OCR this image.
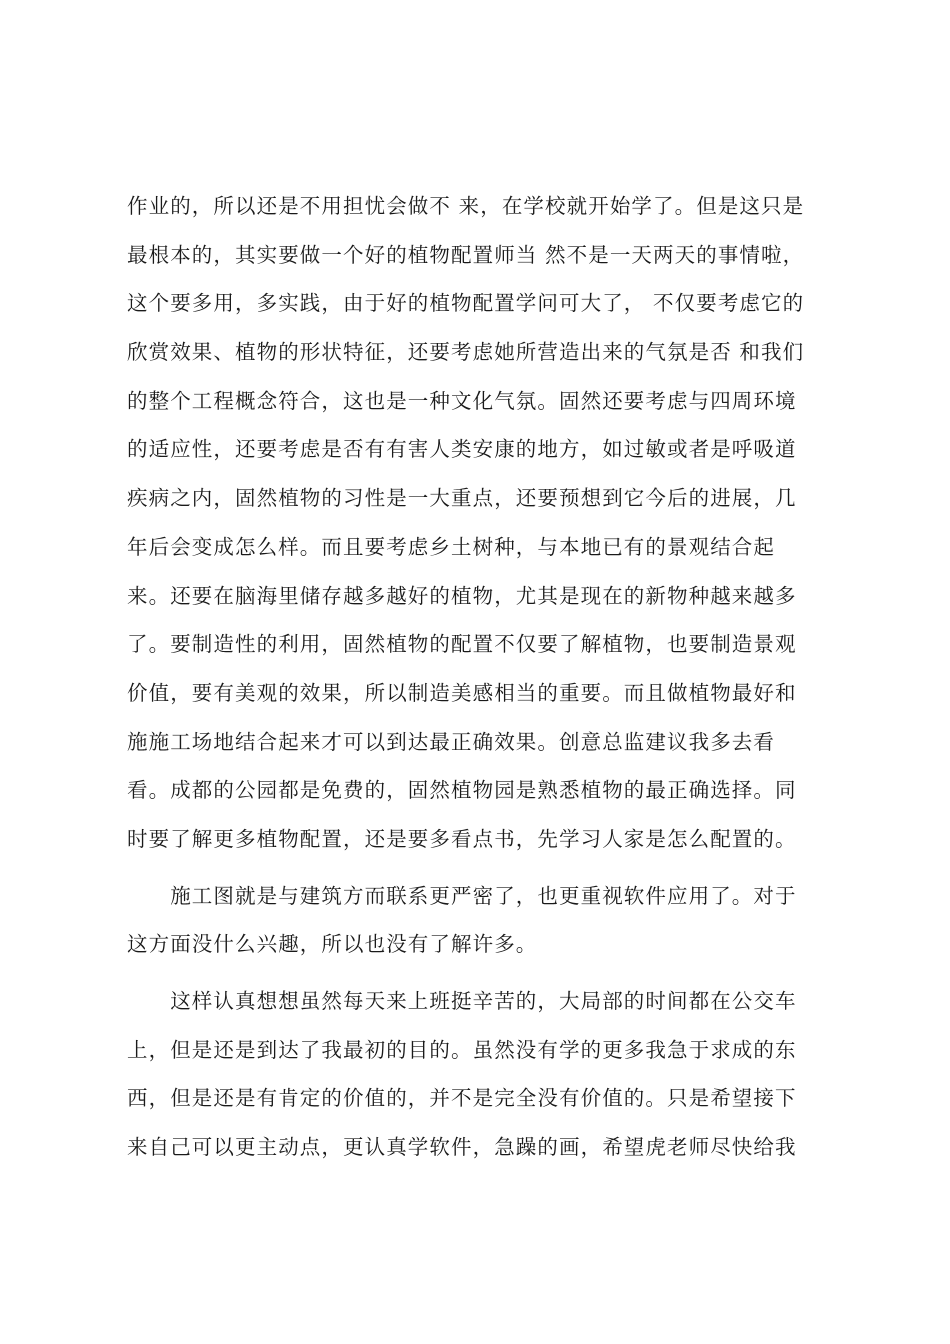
作业的，所以还是不用担忧会做不 来，在学校就开始学了。但是这只是
最根本的，其实要做一个好的植物配置师当 然不是一天两天的事情啦，
这个要多用，多实践，由于好的植物配置学问可大了， 不仅要考虑它的
欣赏效果、植物的形状特征，还要考虑她所营造出来的气氛是否 和我们
的整个工程概念符合，这也是一种文化气氛。固然还要考虑与四周环境
的适应性，还要考虑是否有有害人类安康的地方，如过敏或者是呼吸道
疾病之内，固然植物的习性是一大重点，还要预想到它今后的进展，几
年后会变成怎么样。而且要考虑乡土树种，与本地已有的景观结合起
来。还要在脑海里储存越多越好的植物，尤其是现在的新物种越来越多
了。要制造性的利用，固然植物的配置不仅要了解植物，也要制造景观
价值，要有美观的效果，所以制造美感相当的重要。而且做植物最好和
施施工场地结合起来才可以到达最正确效果。创意总监建议我多去看
看。成都的公园都是免费的，固然植物园是熟悉植物的最正确选择。同
时要了解更多植物配置，还是要多看点书，先学习人家是怎么配置的。
　　施工图就是与建筑方而联系更严密了，也更重视软件应用了。对于
这方面没什么兴趣，所以也没有了解许多。
　　这样认真想想虽然每天来上班挺辛苦的，大局部的时间都在公交车
上，但是还是到达了我最初的目的。虽然没有学的更多我急于求成的东
西，但是还是有肯定的价值的，并不是完全没有价值的。只是希望接下
来自己可以更主动点，更认真学软件，急躁的画，希望虎老师尽快给我
